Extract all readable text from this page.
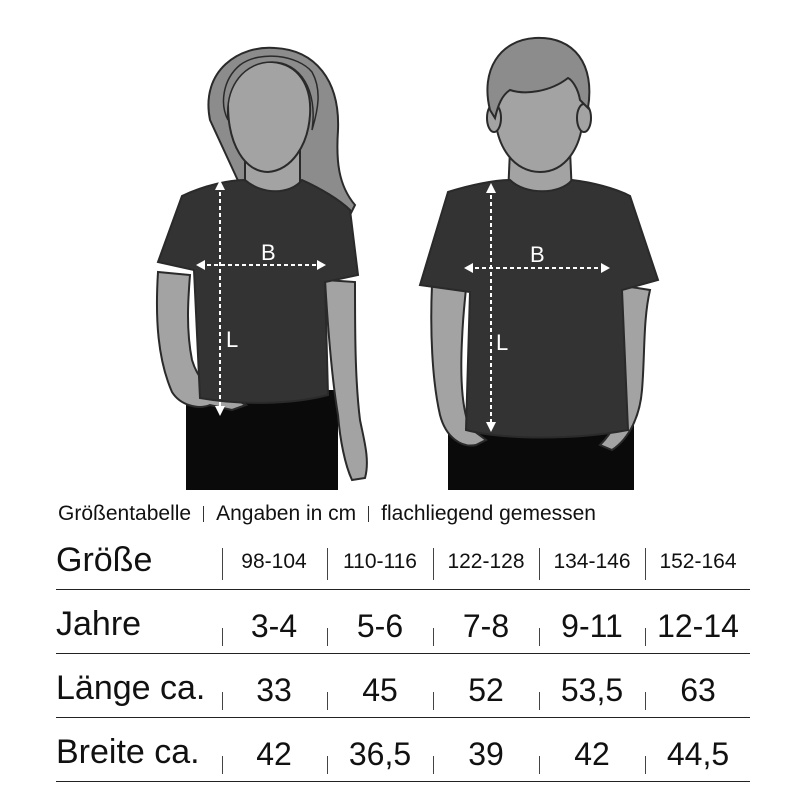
B
L
B
L
Größentabelle Angaben in cm flachliegend gemessen
Größe	98-104	110-116	122-128	134-146	152-164
Jahre	3-4	5-6	7-8	9-11	12-14
Länge ca.	33	45	52	53,5	63
Breite ca.	42	36,5	39	42	44,5
